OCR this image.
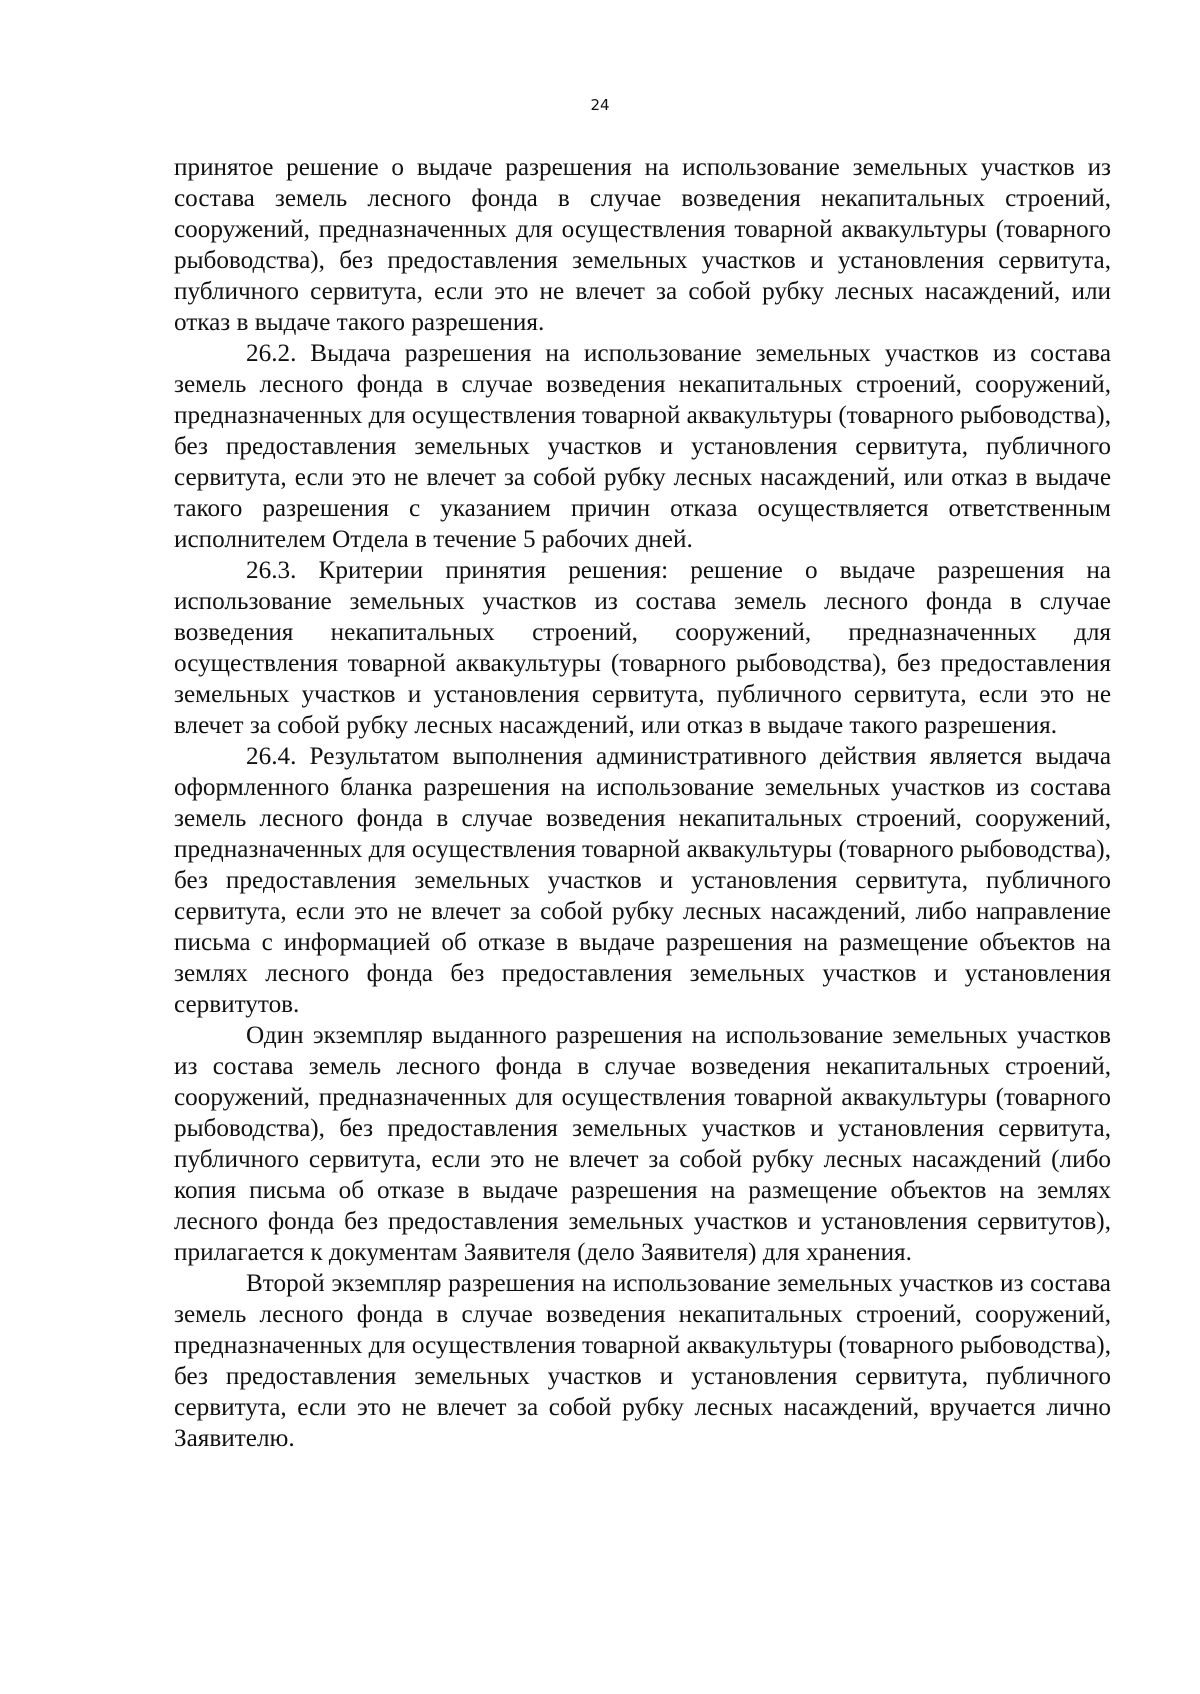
24

принятое решение о выдаче разрешения на использование земельных участков из состава земель лесного фонда в случае возведения некапитальных строений, сооружений, предназначенных для осуществления товарной аквакультуры (товарного рыбоводства), без предоставления земельных участков и установления сервитута, публичного сервитута, если это не влечет за собой рубку лесных насаждений, или отказ в выдаче такого разрешения.

26.2. Выдача разрешения на использование земельных участков из состава земель лесного фонда в случае возведения некапитальных строений, сооружений, предназначенных для осуществления товарной аквакультуры (товарного рыбоводства), без предоставления земельных участков и установления сервитута, публичного сервитута, если это не влечет за собой рубку лесных насаждений, или отказ в выдаче такого разрешения с указанием причин отказа осуществляется ответственным исполнителем Отдела в течение 5 рабочих дней.

26.3. Критерии принятия решения: решение о выдаче разрешения на использование земельных участков из состава земель лесного фонда в случае возведения некапитальных строений, сооружений, предназначенных для осуществления товарной аквакультуры (товарного рыбоводства), без предоставления земельных участков и установления сервитута, публичного сервитута, если это не влечет за собой рубку лесных насаждений, или отказ в выдаче такого разрешения.

26.4. Результатом выполнения административного действия является выдача оформленного бланка разрешения на использование земельных участков из состава земель лесного фонда в случае возведения некапитальных строений, сооружений, предназначенных для осуществления товарной аквакультуры (товарного рыбоводства), без предоставления земельных участков и установления сервитута, публичного сервитута, если это не влечет за собой рубку лесных насаждений, либо направление письма с информацией об отказе в выдаче разрешения на размещение объектов на землях лесного фонда без предоставления земельных участков и установления сервитутов.

Один экземпляр выданного разрешения на использование земельных участков из состава земель лесного фонда в случае возведения некапитальных строений, сооружений, предназначенных для осуществления товарной аквакультуры (товарного рыбоводства), без предоставления земельных участков и установления сервитута, публичного сервитута, если это не влечет за собой рубку лесных насаждений (либо копия письма об отказе в выдаче разрешения на размещение объектов на землях лесного фонда без предоставления земельных участков и установления сервитутов), прилагается к документам Заявителя (дело Заявителя) для хранения.

Второй экземпляр разрешения на использование земельных участков из состава земель лесного фонда в случае возведения некапитальных строений, сооружений, предназначенных для осуществления товарной аквакультуры (товарного рыбоводства), без предоставления земельных участков и установления сервитута, публичного сервитута, если это не влечет за собой рубку лесных насаждений, вручается лично Заявителю.
